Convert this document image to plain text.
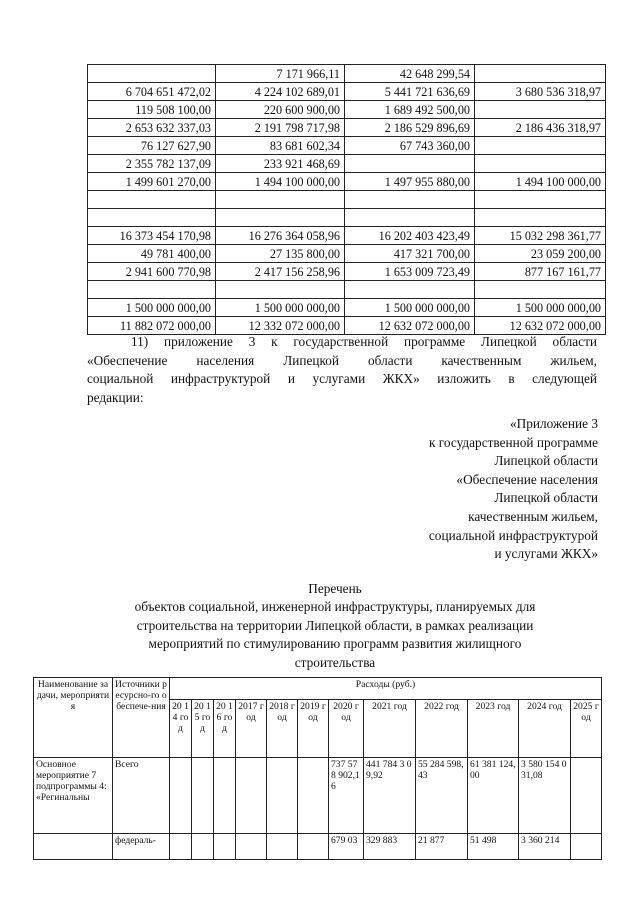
	7 171 966,11	42 648 299,54	
6 704 651 472,02	4 224 102 689,01	5 441 721 636,69	3 680 536 318,97
119 508 100,00	220 600 900,00	1 689 492 500,00	
2 653 632 337,03	2 191 798 717,98	2 186 529 896,69	2 186 436 318,97
76 127 627,90	83 681 602,34	67 743 360,00	
2 355 782 137,09	233 921 468,69		
1 499 601 270,00	1 494 100 000,00	1 497 955 880,00	1 494 100 000,00

16 373 454 170,98	16 276 364 058,96	16 202 403 423,49	15 032 298 361,77
49 781 400,00	27 135 800,00	417 321 700,00	23 059 200,00
2 941 600 770,98	2 417 156 258,96	1 653 009 723,49	877 167 161,77

1 500 000 000,00	1 500 000 000,00	1 500 000 000,00	1 500 000 000,00
11 882 072 000,00	12 332 072 000,00	12 632 072 000,00	12 632 072 000,00
11) приложение 3 к государственной программе Липецкой области
«Обеспечение населения Липецкой области качественным жильем,
социальной инфраструктурой и услугами ЖКХ» изложить в следующей
редакции:
«Приложение 3
к государственной программе
Липецкой области
«Обеспечение населения
Липецкой области
качественным жильем,
социальной инфраструктурой
и услугами ЖКХ»
Перечень
объектов социальной, инженерной инфраструктуры, планируемых для
строительства на территории Липецкой области, в рамках реализации
мероприятий по стимулированию программ развития жилищного
строительства
Наименование задачи, мероприятия	Источники ресурсно-го обеспече-ния	Расходы (руб.)											
		20 14 го д	20 15 год	20 16 год	2017 год	2018 год	2019 год	2020 год	2021 год	2022 год	2023 год	2024 год	2025 год
Основное мероприятие 7 подпрограммы 4: «Регинальны	Всего							737 578 902,16	441 784 3 09,92	55 284 598,43	61 381 124,00	3 580 154 031,08	
	федераль-							679 03	329 883	21 877	51 498	3 360 214	
